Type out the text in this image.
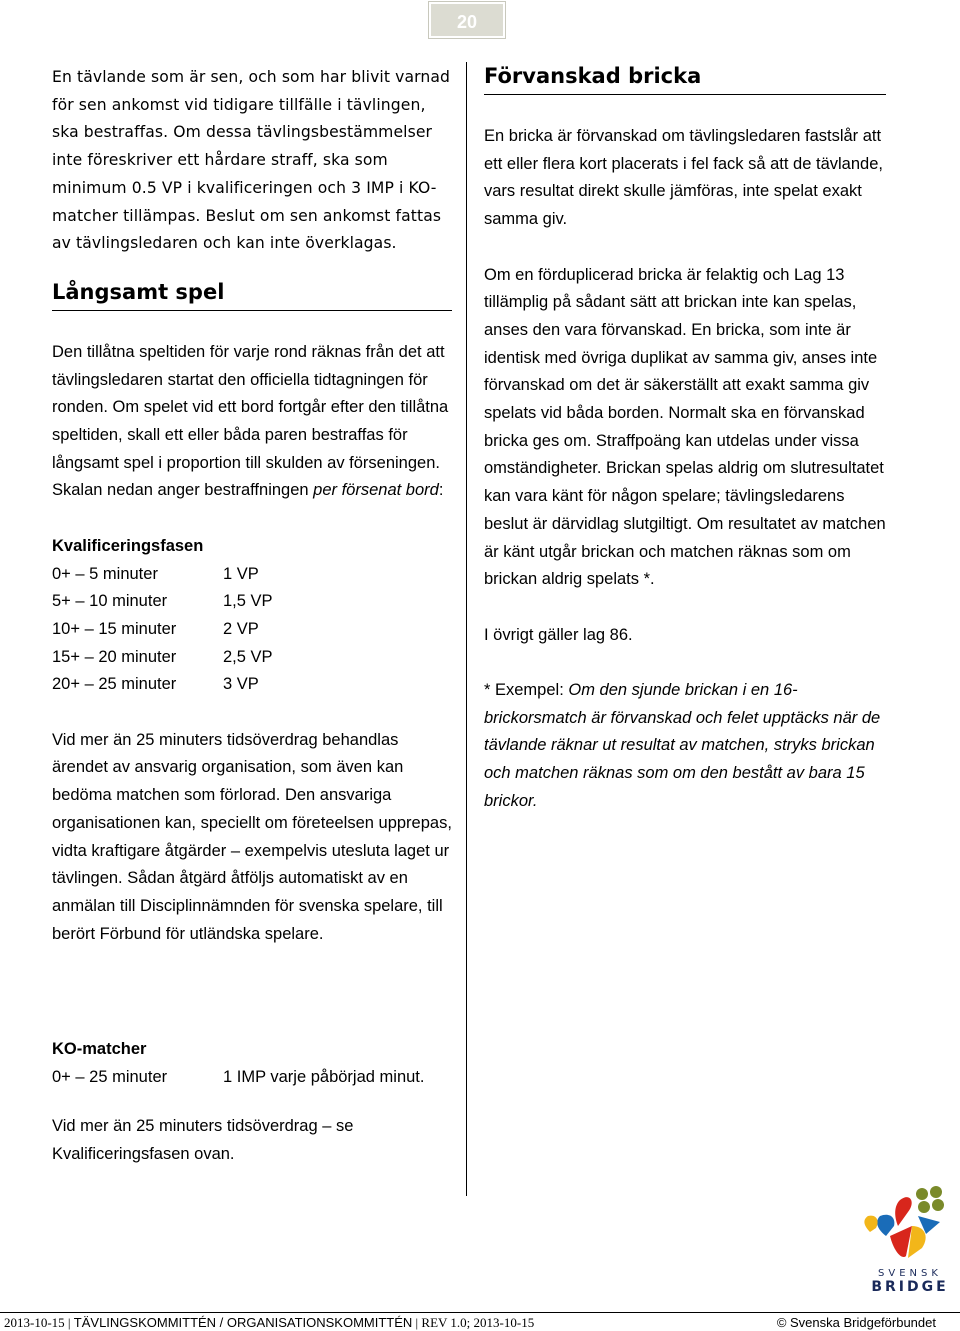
20

En tävlande som är sen, och som har blivit varnad för sen ankomst vid tidigare tillfälle i tävlingen, ska bestraffas. Om dessa tävlingsbestämmelser inte föreskriver ett hårdare straff, ska som minimum 0.5 VP i kvalificeringen och 3 IMP i KO-matcher tillämpas. Beslut om sen ankomst fattas av tävlingsledaren och kan inte överklagas.

Långsamt spel

Den tillåtna speltiden för varje rond räknas från det att tävlingsledaren startat den officiella tidtagningen för ronden. Om spelet vid ett bord fortgår efter den tillåtna speltiden, skall ett eller båda paren bestraffas för långsamt spel i proportion till skulden av förseningen. Skalan nedan anger bestraffningen per försenat bord:

Kvalificeringsfasen
0+ – 5 minuter	1 VP
5+ – 10 minuter	1,5 VP
10+ – 15 minuter	2 VP
15+ – 20 minuter	2,5 VP
20+ – 25 minuter	3 VP

Vid mer än 25 minuters tidsöverdrag behandlas ärendet av ansvarig organisation, som även kan bedöma matchen som förlorad. Den ansvariga organisationen kan, speciellt om företeelsen upprepas, vidta kraftigare åtgärder – exempelvis utesluta laget ur tävlingen. Sådan åtgärd åtföljs automatiskt av en anmälan till Disciplinnämnden för svenska spelare, till berört Förbund för utländska spelare.

KO-matcher
0+ – 25 minuter	1 IMP varje påbörjad minut.

Vid mer än 25 minuters tidsöverdrag – se Kvalificeringsfasen ovan.

Förvanskad bricka

En bricka är förvanskad om tävlingsledaren fastslår att ett eller flera kort placerats i fel fack så att de tävlande, vars resultat direkt skulle jämföras, inte spelat exakt samma giv.

Om en förduplicerad bricka är felaktig och Lag 13 tillämplig på sådant sätt att brickan inte kan spelas, anses den vara förvanskad. En bricka, som inte är identisk med övriga duplikat av samma giv, anses inte förvanskad om det är säkerställt att exakt samma giv spelats vid båda borden. Normalt ska en förvanskad bricka ges om. Straffpoäng kan utdelas under vissa omständigheter. Brickan spelas aldrig om slutresultatet kan vara känt för någon spelare; tävlingsledarens beslut är därvidlag slutgiltigt. Om resultatet av matchen är känt utgår brickan och matchen räknas som om brickan aldrig spelats *.

I övrigt gäller lag 86.

* Exempel: Om den sjunde brickan i en 16-brickorsmatch är förvanskad och felet upptäcks när de tävlande räknar ut resultat av matchen, stryks brickan och matchen räknas som om den bestått av bara 15 brickor.

SVENSK
BRIDGE
2013-10-15 | TÄVLINGSKOMMITTÉN / ORGANISATIONSKOMMITTÉN | REV 1.0; 2013-10-15	© Svenska Bridgeförbundet
